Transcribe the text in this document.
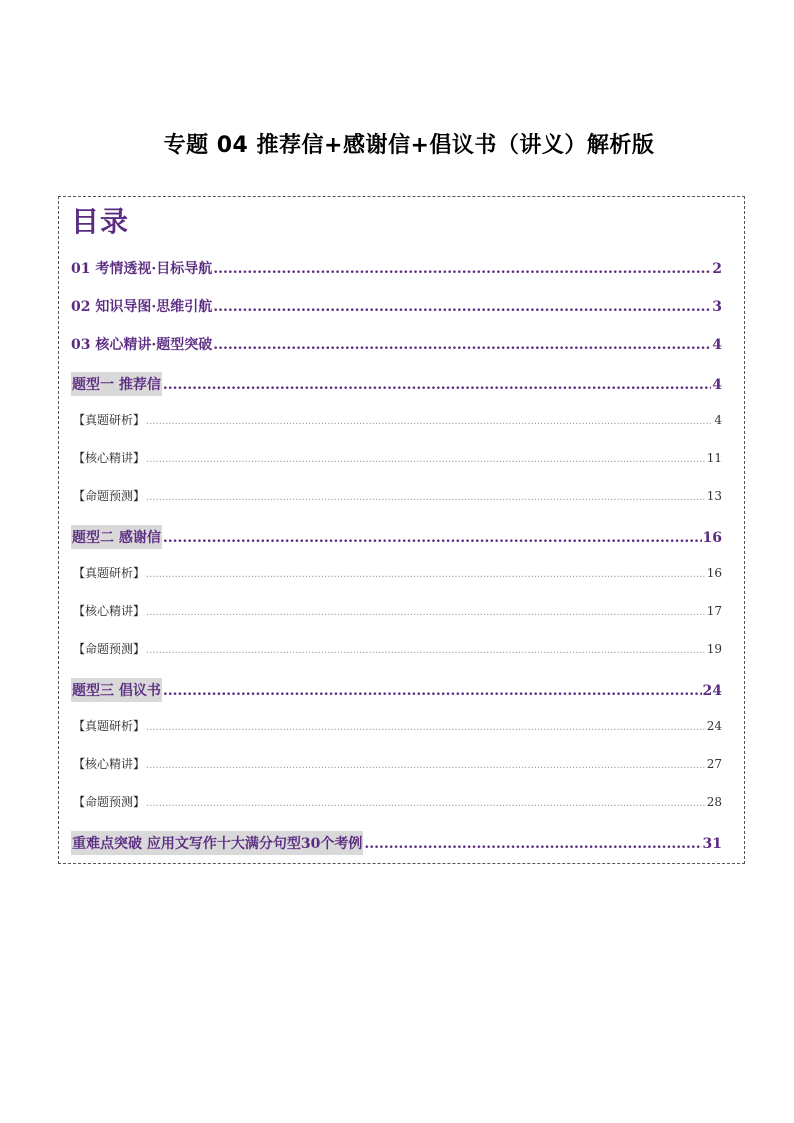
专题 04 推荐信+感谢信+倡议书（讲义）解析版
目录
01 考情透视·目标导航 .....	2
02 知识导图·思维引航 .....	3
03 核心精讲·题型突破 .....	4
题型一 推荐信 .....	4
【真题研析】 .....	4
【核心精讲】 .....	11
【命题预测】 .....	13
题型二 感谢信 .....	16
【真题研析】 .....	16
【核心精讲】 .....	17
【命题预测】 .....	19
题型三 倡议书 .....	24
【真题研析】 .....	24
【核心精讲】 .....	27
【命题预测】 .....	28
重难点突破 应用文写作十大满分句型30个考例 .....	31
